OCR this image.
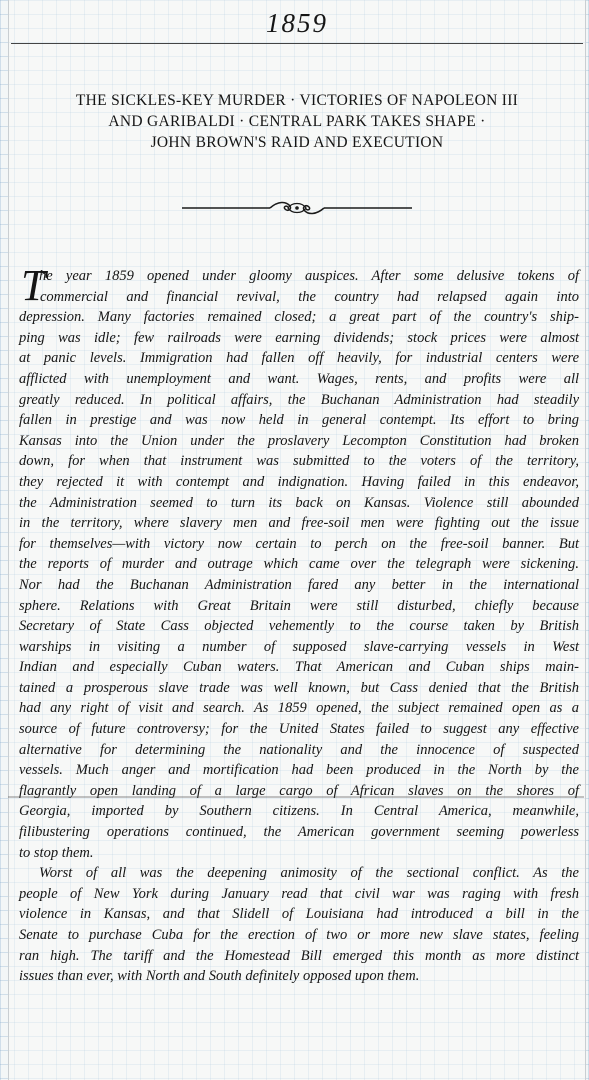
1859
THE SICKLES-KEY MURDER · VICTORIES OF NAPOLEON III
AND GARIBALDI · CENTRAL PARK TAKES SHAPE ·
JOHN BROWN'S RAID AND EXECUTION
T
he year 1859 opened under gloomy auspices. After some delusive tokens of
commercial and financial revival, the country had relapsed again into
depression. Many factories remained closed; a great part of the country's ship-
ping was idle; few railroads were earning dividends; stock prices were almost
at panic levels. Immigration had fallen off heavily, for industrial centers were
afflicted with unemployment and want. Wages, rents, and profits were all
greatly reduced. In political affairs, the Buchanan Administration had steadily
fallen in prestige and was now held in general contempt. Its effort to bring
Kansas into the Union under the proslavery Lecompton Constitution had broken
down, for when that instrument was submitted to the voters of the territory,
they rejected it with contempt and indignation. Having failed in this endeavor,
the Administration seemed to turn its back on Kansas. Violence still abounded
in the territory, where slavery men and free-soil men were fighting out the issue
for themselves—with victory now certain to perch on the free-soil banner. But
the reports of murder and outrage which came over the telegraph were sickening.
Nor had the Buchanan Administration fared any better in the international
sphere. Relations with Great Britain were still disturbed, chiefly because
Secretary of State Cass objected vehemently to the course taken by British
warships in visiting a number of supposed slave-carrying vessels in West
Indian and especially Cuban waters. That American and Cuban ships main-
tained a prosperous slave trade was well known, but Cass denied that the British
had any right of visit and search. As 1859 opened, the subject remained open as a
source of future controversy; for the United States failed to suggest any effective
alternative for determining the nationality and the innocence of suspected
vessels. Much anger and mortification had been produced in the North by the
flagrantly open landing of a large cargo of African slaves on the shores of
Georgia, imported by Southern citizens. In Central America, meanwhile,
filibustering operations continued, the American government seeming powerless
to stop them.
Worst of all was the deepening animosity of the sectional conflict. As the
people of New York during January read that civil war was raging with fresh
violence in Kansas, and that Slidell of Louisiana had introduced a bill in the
Senate to purchase Cuba for the erection of two or more new slave states, feeling
ran high. The tariff and the Homestead Bill emerged this month as more distinct
issues than ever, with North and South definitely opposed upon them.
